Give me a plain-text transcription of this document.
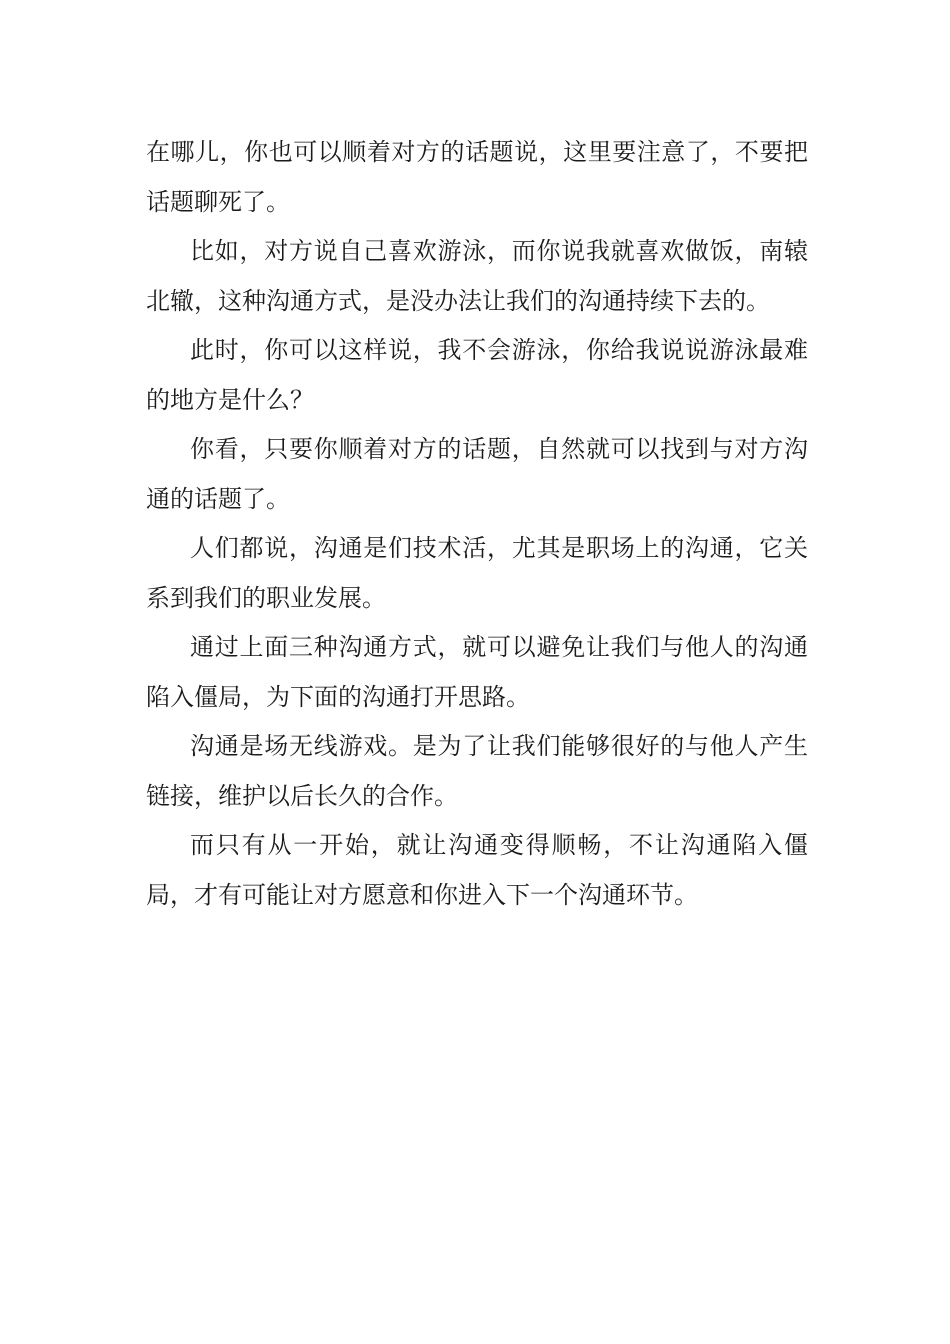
在哪儿，你也可以顺着对方的话题说，这里要注意了，不要把话题聊死了。

比如，对方说自己喜欢游泳，而你说我就喜欢做饭，南辕北辙，这种沟通方式，是没办法让我们的沟通持续下去的。

此时，你可以这样说，我不会游泳，你给我说说游泳最难的地方是什么？

你看，只要你顺着对方的话题，自然就可以找到与对方沟通的话题了。

人们都说，沟通是们技术活，尤其是职场上的沟通，它关系到我们的职业发展。

通过上面三种沟通方式，就可以避免让我们与他人的沟通陷入僵局，为下面的沟通打开思路。

沟通是场无线游戏。是为了让我们能够很好的与他人产生链接，维护以后长久的合作。

而只有从一开始，就让沟通变得顺畅，不让沟通陷入僵局，才有可能让对方愿意和你进入下一个沟通环节。
